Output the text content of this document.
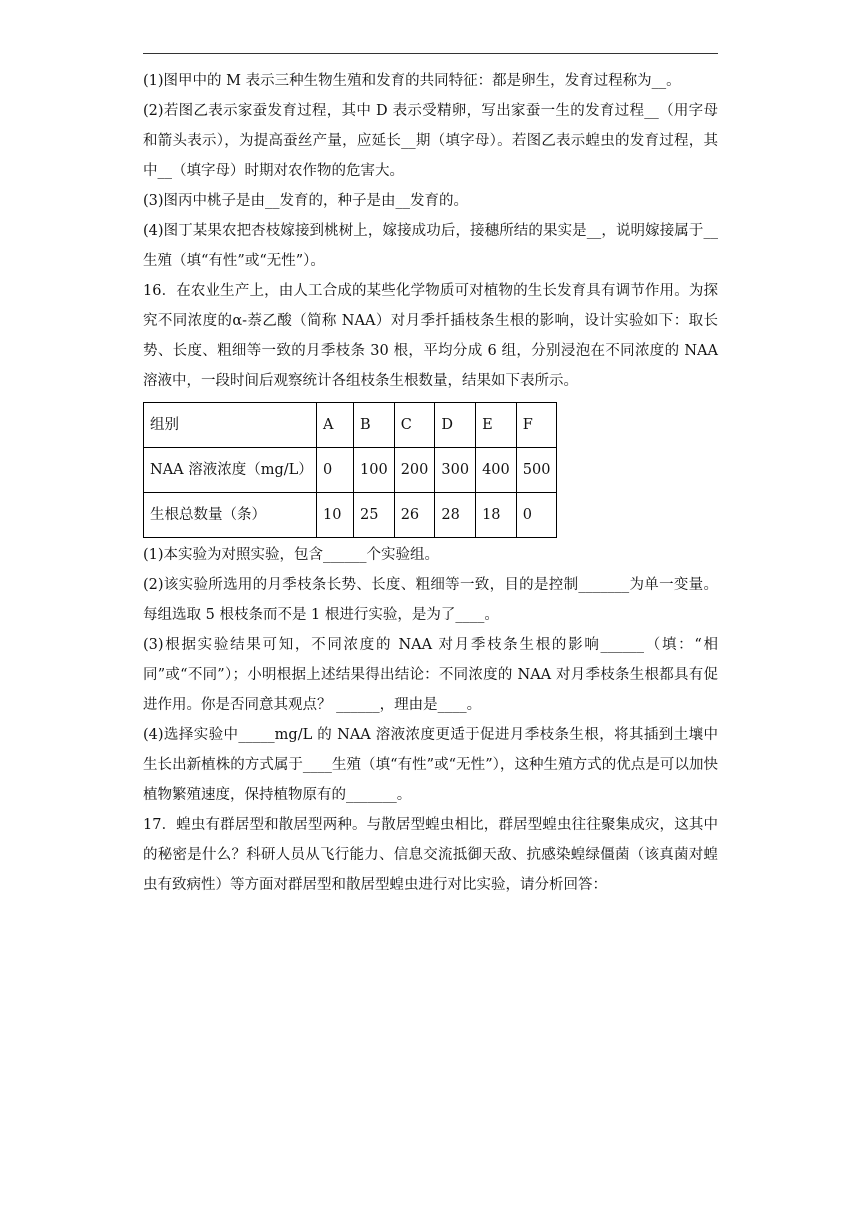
(1)图甲中的 M 表示三种生物生殖和发育的共同特征：都是卵生，发育过程称为__。

(2)若图乙表示家蚕发育过程，其中 D 表示受精卵，写出家蚕一生的发育过程__（用字母和箭头表示），为提高蚕丝产量，应延长__期（填字母）。若图乙表示蝗虫的发育过程，其中__（填字母）时期对农作物的危害大。

(3)图丙中桃子是由__发育的，种子是由__发育的。

(4)图丁某果农把杏枝嫁接到桃树上，嫁接成功后，接穗所结的果实是__，说明嫁接属于__生殖（填“有性”或“无性”）。

16．在农业生产上，由人工合成的某些化学物质可对植物的生长发育具有调节作用。为探究不同浓度的α-萘乙酸（简称 NAA）对月季扦插枝条生根的影响，设计实验如下：取长势、长度、粗细等一致的月季枝条 30 根，平均分成 6 组，分别浸泡在不同浓度的 NAA 溶液中，一段时间后观察统计各组枝条生根数量，结果如下表所示。

组别	A	B	C	D	E	F
NAA 溶液浓度（mg/L）	0	100	200	300	400	500
生根总数量（条）	10	25	26	28	18	0

(1)本实验为对照实验，包含______个实验组。

(2)该实验所选用的月季枝条长势、长度、粗细等一致，目的是控制_______为单一变量。每组选取 5 根枝条而不是 1 根进行实验，是为了____。

(3)根据实验结果可知，不同浓度的 NAA 对月季枝条生根的影响______（填：“相同”或“不同”）；小明根据上述结果得出结论：不同浓度的 NAA 对月季枝条生根都具有促进作用。你是否同意其观点？ ______，理由是____。

(4)选择实验中_____mg/L 的 NAA 溶液浓度更适于促进月季枝条生根，将其插到土壤中生长出新植株的方式属于____生殖（填“有性”或“无性”），这种生殖方式的优点是可以加快植物繁殖速度，保持植物原有的_______。

17．蝗虫有群居型和散居型两种。与散居型蝗虫相比，群居型蝗虫往往聚集成灾，这其中的秘密是什么？科研人员从飞行能力、信息交流抵御天敌、抗感染蝗绿僵菌（该真菌对蝗虫有致病性）等方面对群居型和散居型蝗虫进行对比实验，请分析回答：
